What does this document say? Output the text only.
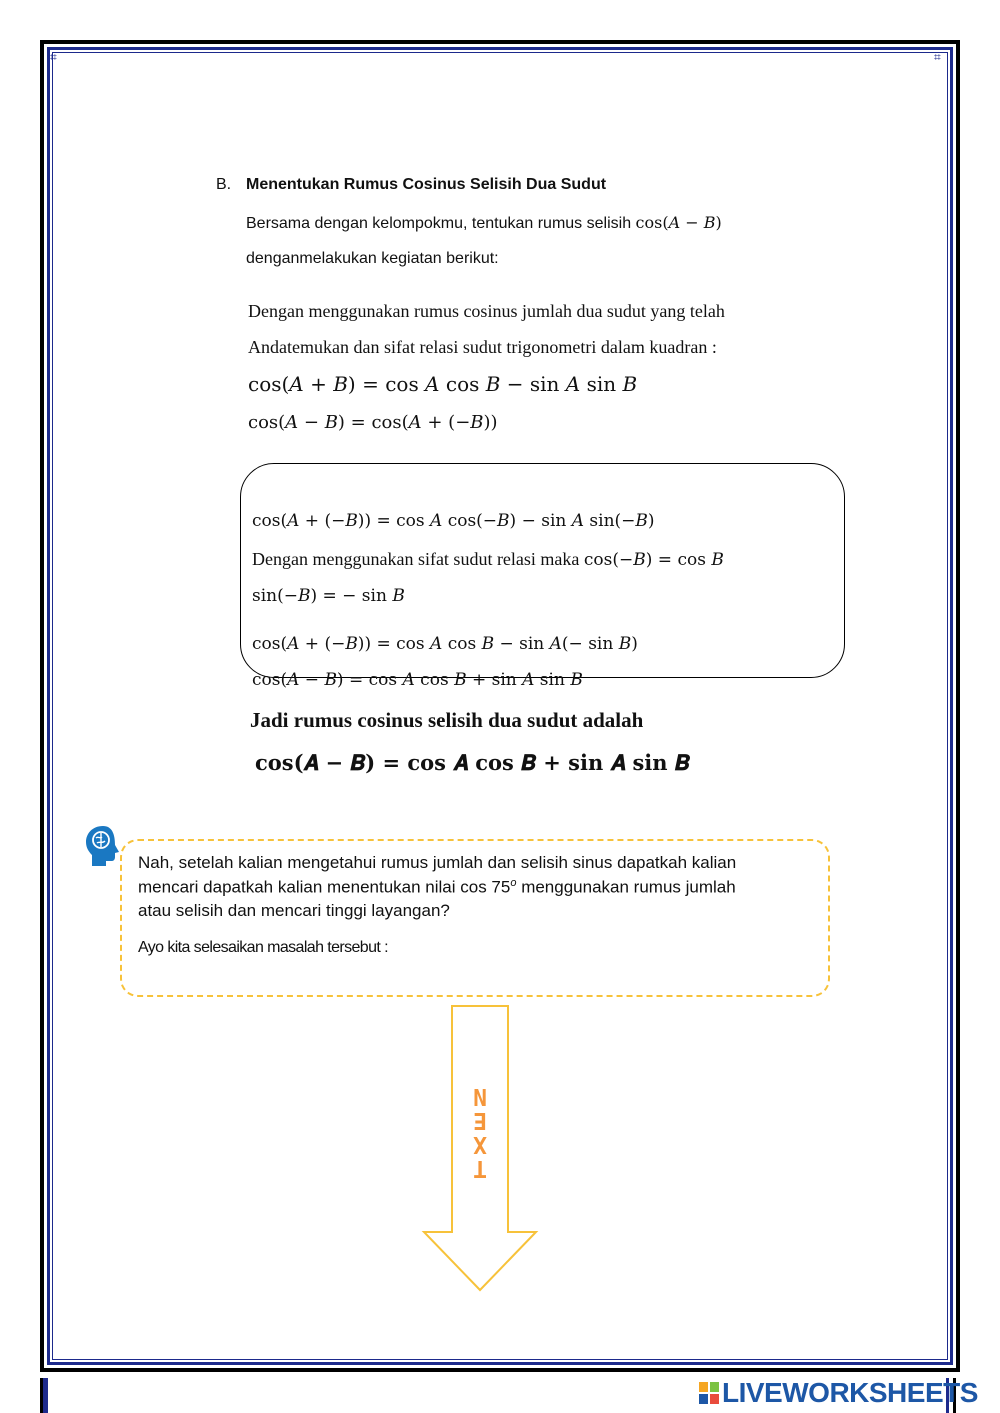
⌗	⌗
B. Menentukan Rumus Cosinus Selisih Dua Sudut
Bersama dengan kelompokmu, tentukan rumus selisih cos(𝐴 − 𝐵)
denganmelakukan kegiatan berikut:
Dengan menggunakan rumus cosinus jumlah dua sudut yang telah
Andatemukan dan sifat relasi sudut trigonometri dalam kuadran :
cos(𝐴 + 𝐵) = cos 𝐴 cos 𝐵 − sin 𝐴 sin 𝐵
cos(𝐴 − 𝐵) = cos(𝐴 + (−𝐵))
cos(𝐴 + (−𝐵)) = cos 𝐴 cos(−𝐵) − sin 𝐴 sin(−𝐵)
Dengan menggunakan sifat sudut relasi maka cos(−𝐵) = cos 𝐵
sin(−𝐵) = − sin 𝐵
cos(𝐴 + (−𝐵)) = cos 𝐴 cos 𝐵 − sin 𝐴(− sin 𝐵)
cos(𝐴 − 𝐵) = cos 𝐴 cos 𝐵 + sin 𝐴 sin 𝐵
Jadi rumus cosinus selisih dua sudut adalah
cos(𝑨 − 𝑩) = cos 𝑨 cos 𝑩 + sin 𝑨 sin 𝑩
Nah, setelah kalian mengetahui rumus jumlah dan selisih sinus dapatkah kalian
mencari dapatkah kalian menentukan nilai cos 75$^o$ menggunakan rumus jumlah
atau selisih dan mencari tinggi layangan?
Ayo kita selesaikan masalah tersebut :
T
X
E
N
LIVEWORKSHEETS
